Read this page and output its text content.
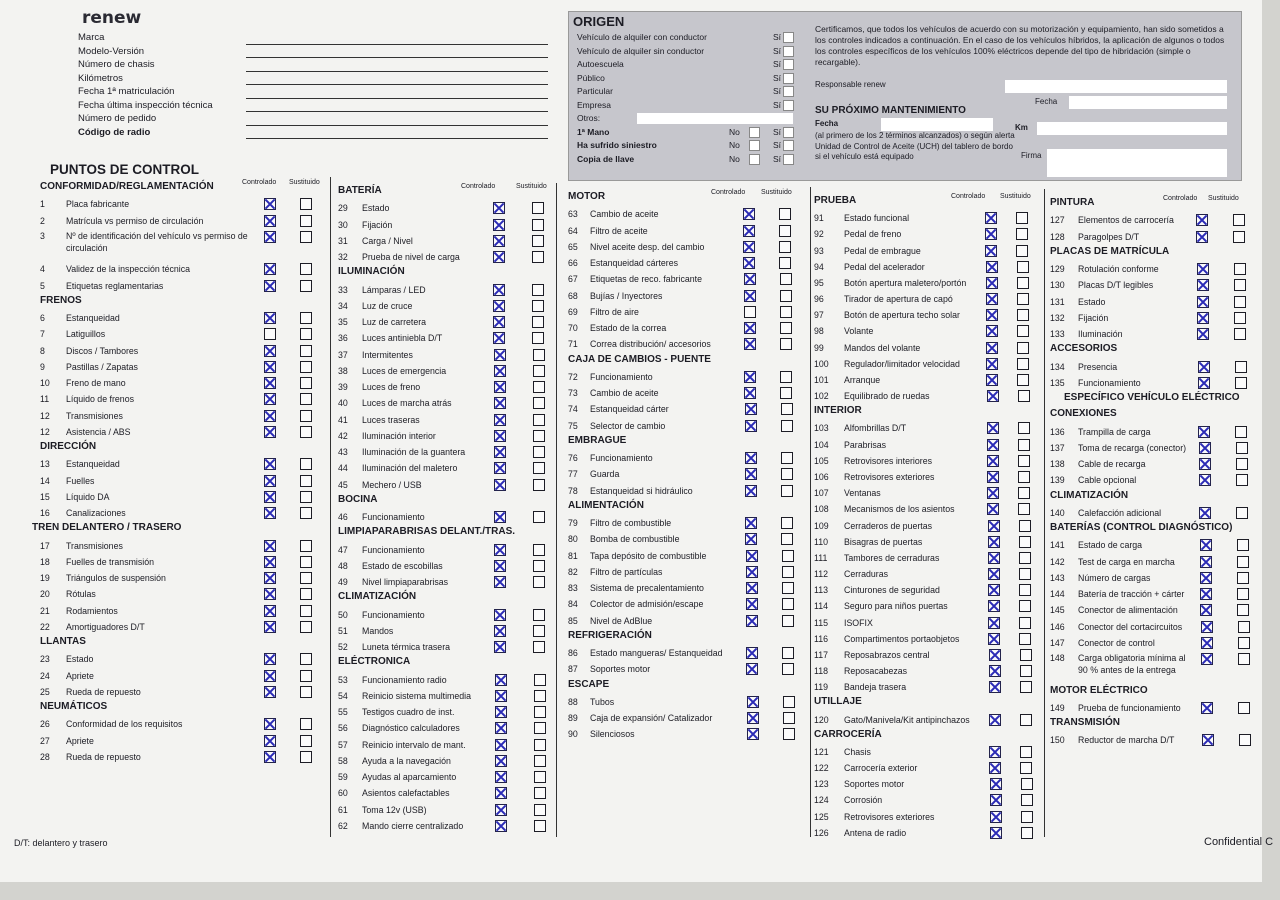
renew
Marca
Modelo-Versión
Número de chasis
Kilómetros
Fecha 1ª matriculación
Fecha última inspección técnica
Número de pedido
Código de radio
ORIGEN
Vehículo de alquiler con conductor	Sí
Vehículo de alquiler sin conductor	Sí
Autoescuela	Sí
Público	Sí
Particular	Sí
Empresa	Sí
Otros:
1ª Mano	No	Sí
Ha sufrido siniestro	No	Sí
Copia de llave	No	Sí
Certificamos, que todos los vehículos de acuerdo con su motorización y equipamiento, han sido sometidos a los controles indicados a continuación. En el caso de los vehículos híbridos, la aplicación de algunos o todos los controles específicos de los vehículos 100% eléctricos depende del tipo de hibridación (simple o recargable).
Responsable renew
Fecha
SU PRÓXIMO MANTENIMIENTO
Fecha	Km
(al primero de los 2 términos alcanzados) o según alerta Unidad de Control de Aceite (UCH) del tablero de bordo si el vehículo está equipado	Firma
PUNTOS DE CONTROL
Controlado Sustituido
CONFORMIDAD/REGLAMENTACIÓN
1 Placa fabricante
2 Matrícula vs permiso de circulación
3 Nº de identificación del vehículo vs permiso de circulación
4 Validez de la inspección técnica
5 Etiquetas reglamentarias
FRENOS
6 Estanqueidad
7 Latiguillos
8 Discos / Tambores
9 Pastillas / Zapatas
10 Freno de mano
11 Líquido de frenos
12 Transmisiones
12 Asistencia / ABS
DIRECCIÓN
13 Estanqueidad
14 Fuelles
15 Líquido DA
16 Canalizaciones
TREN DELANTERO / TRASERO
17 Transmisiones
18 Fuelles de transmisión
19 Triángulos de suspensión
20 Rótulas
21 Rodamientos
22 Amortiguadores D/T
LLANTAS
23 Estado
24 Apriete
25 Rueda de repuesto
NEUMÁTICOS
26 Conformidad de los requisitos
27 Apriete
28 Rueda de repuesto
Controlado	Sustituido
BATERÍA
29 Estado
30 Fijación
31 Carga / Nivel
32 Prueba de nivel de carga
ILUMINACIÓN
33 Lámparas / LED
34 Luz de cruce
35 Luz de carretera
36 Luces antiniebla D/T
37 Intermitentes
38 Luces de emergencia
39 Luces de freno
40 Luces de marcha atrás
41 Luces traseras
42 Iluminación interior
43 Iluminación de la guantera
44 Iluminación del maletero
45 Mechero / USB
BOCINA
46 Funcionamiento
LIMPIAPARABRISAS DELANT./TRAS.
47 Funcionamiento
48 Estado de escobillas
49 Nivel limpiaparabrisas
CLIMATIZACIÓN
50 Funcionamiento
51 Mandos
52 Luneta térmica trasera
ELÉCTRONICA
53 Funcionamiento radio
54 Reinicio sistema multimedia
55 Testigos cuadro de inst.
56 Diagnóstico calculadores
57 Reinicio intervalo de mant.
58 Ayuda a la navegación
59 Ayudas al aparcamiento
60 Asientos calefactables
61 Toma 12v (USB)
62 Mando cierre centralizado
Controlado Sustituido
MOTOR
63 Cambio de aceite
64 Filtro de aceite
65 Nivel aceite desp. del cambio
66 Estanqueidad cárteres
67 Etiquetas de reco. fabricante
68 Bujías / Inyectores
69 Filtro de aire
70 Estado de la correa
71 Correa distribución/ accesorios
CAJA DE CAMBIOS - PUENTE
72 Funcionamiento
73 Cambio de aceite
74 Estanqueidad cárter
75 Selector de cambio
EMBRAGUE
76 Funcionamiento
77 Guarda
78 Estanqueidad si hidráulico
ALIMENTACIÓN
79 Filtro de combustible
80 Bomba de combustible
81 Tapa depósito de combustible
82 Filtro de partículas
83 Sistema de precalentamiento
84 Colector de admisión/escape
85 Nivel de AdBlue
REFRIGERACIÓN
86 Estado mangueras/ Estanqueidad
87 Soportes motor
ESCAPE
88 Tubos
89 Caja de expansión/ Catalizador
90 Silenciosos
Controlado Sustituido
PRUEBA
91 Estado funcional
92 Pedal de freno
93 Pedal de embrague
94 Pedal del acelerador
95 Botón apertura maletero/portón
96 Tirador de apertura de capó
97 Botón de apertura techo solar
98 Volante
99 Mandos del volante
100 Regulador/limitador velocidad
101 Arranque
102 Equilibrado de ruedas
INTERIOR
103 Alfombrillas D/T
104 Parabrisas
105 Retrovisores interiores
106 Retrovisores exteriores
107 Ventanas
108 Mecanismos de los asientos
109 Cerraderos de puertas
110 Bisagras de puertas
111 Tambores de cerraduras
112 Cerraduras
113 Cinturones de seguridad
114 Seguro para niños puertas
115 ISOFIX
116 Compartimentos portaobjetos
117 Reposabrazos central
118 Reposacabezas
119 Bandeja trasera
UTILLAJE
120 Gato/Manivela/Kit antipinchazos
CARROCERÍA
121 Chasis
122 Carrocería exterior
123 Soportes motor
124 Corrosión
125 Retrovisores exteriores
126 Antena de radio
Controlado Sustituido
PINTURA
127 Elementos de carrocería
128 Paragolpes D/T
PLACAS DE MATRÍCULA
129 Rotulación conforme
130 Placas D/T legibles
131 Estado
132 Fijación
133 Iluminación
ACCESORIOS
134 Presencia
135 Funcionamiento
ESPECÍFICO VEHÍCULO ELÉCTRICO
CONEXIONES
136 Trampilla de carga
137 Toma de recarga (conector)
138 Cable de recarga
139 Cable opcional
CLIMATIZACIÓN
140 Calefacción adicional
BATERÍAS (CONTROL DIAGNÓSTICO)
141 Estado de carga
142 Test de carga en marcha
143 Número de cargas
144 Batería de tracción + cárter
145 Conector de alimentación
146 Conector del cortacircuitos
147 Conector de control
148 Carga obligatoria mínima al 90 % antes de la entrega
MOTOR ELÉCTRICO
149 Prueba de funcionamiento
TRANSMISIÓN
150 Reductor de marcha D/T
D/T: delantero y trasero	Confidential C
